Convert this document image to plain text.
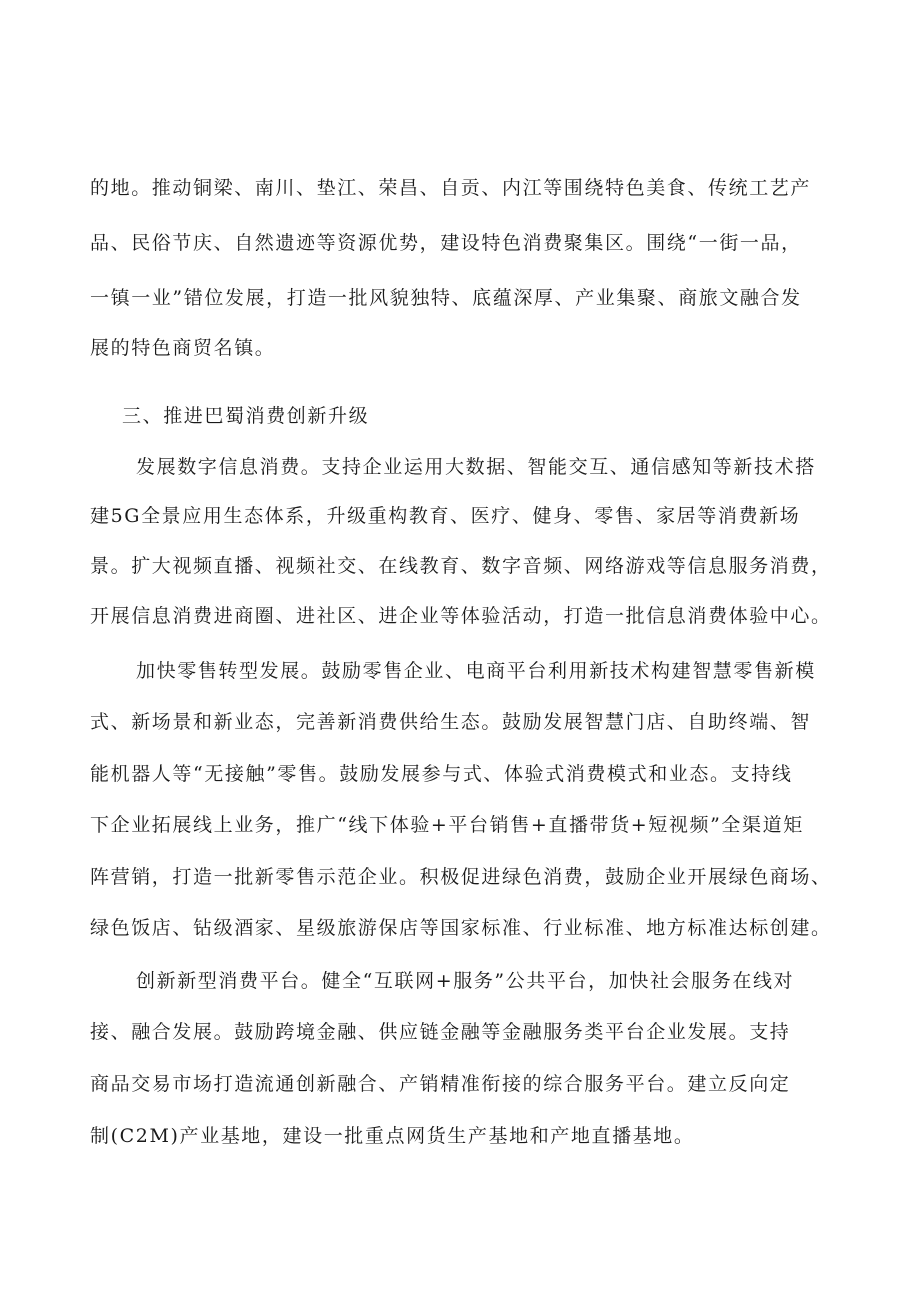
的地。推动铜梁、南川、垫江、荣昌、自贡、内江等围绕特色美食、传统工艺产

品、民俗节庆、自然遗迹等资源优势，建设特色消费聚集区。围绕“一街一品，

一镇一业”错位发展，打造一批风貌独特、底蕴深厚、产业集聚、商旅文融合发

展的特色商贸名镇。

三、推进巴蜀消费创新升级

发展数字信息消费。支持企业运用大数据、智能交互、通信感知等新技术搭

建5G全景应用生态体系，升级重构教育、医疗、健身、零售、家居等消费新场

景。扩大视频直播、视频社交、在线教育、数字音频、网络游戏等信息服务消费，

开展信息消费进商圈、进社区、进企业等体验活动，打造一批信息消费体验中心。

加快零售转型发展。鼓励零售企业、电商平台利用新技术构建智慧零售新模

式、新场景和新业态，完善新消费供给生态。鼓励发展智慧门店、自助终端、智

能机器人等“无接触”零售。鼓励发展参与式、体验式消费模式和业态。支持线

下企业拓展线上业务，推广“线下体验+平台销售+直播带货+短视频”全渠道矩

阵营销，打造一批新零售示范企业。积极促进绿色消费，鼓励企业开展绿色商场、

绿色饭店、钻级酒家、星级旅游保店等国家标准、行业标准、地方标准达标创建。

创新新型消费平台。健全“互联网+服务”公共平台，加快社会服务在线对

接、融合发展。鼓励跨境金融、供应链金融等金融服务类平台企业发展。支持

商品交易市场打造流通创新融合、产销精准衔接的综合服务平台。建立反向定

制(C2M)产业基地，建设一批重点网货生产基地和产地直播基地。
